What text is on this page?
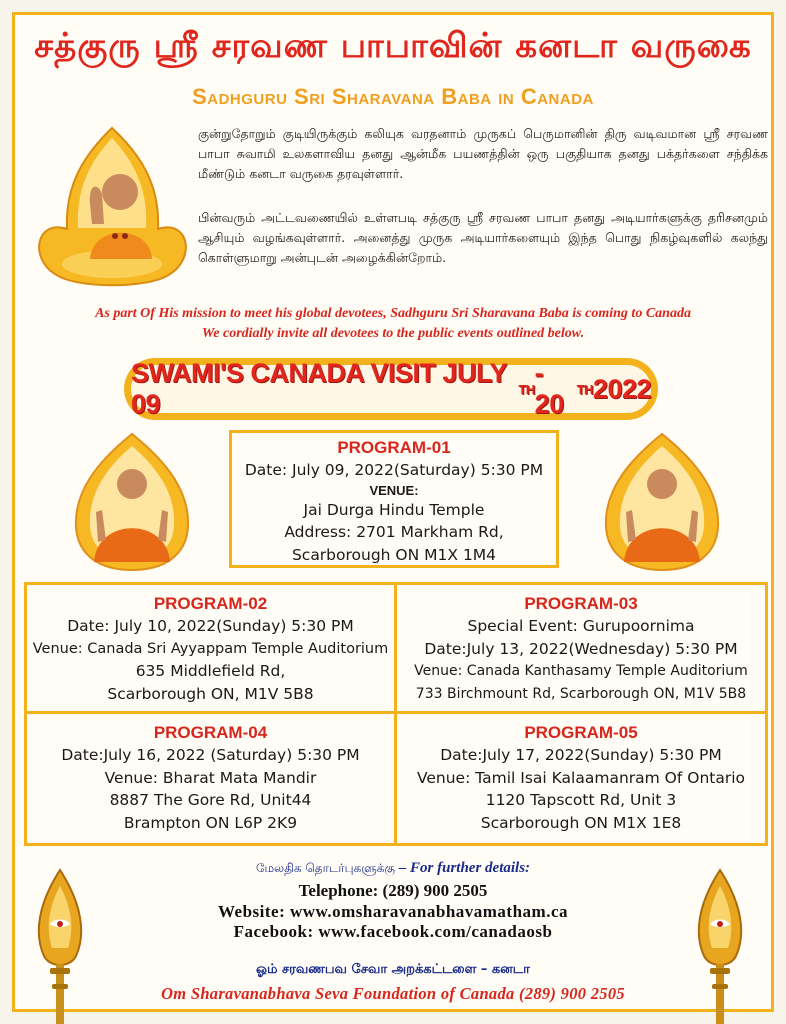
சத்குரு ஸ்ரீ சரவண பாபாவின் கனடா வருகை
Sadhguru Sri Sharavana Baba in Canada
குன்றுதோறும் குடியிருக்கும் கலியுக வரதனாம் முருகப் பெருமானின் திரு வடிவமான ஸ்ரீ சரவண பாபா சுவாமி உலகளாவிய தனது ஆன்மீக பயணத்தின் ஒரு பகுதியாக தனது பக்தர்களை சந்திக்க மீண்டும் கனடா வருகை தரவுள்ளார்.
பின்வரும் அட்டவணையில் உள்ளபடி சத்குரு ஸ்ரீ சரவண பாபா தனது அடியார்களுக்கு தரிசனமும் ஆசியும் வழங்கவுள்ளார். அனைத்து முருக அடியார்களையும் இந்த பொது நிகழ்வுகளில் கலந்து கொள்ளுமாறு அன்புடன் அழைக்கின்றோம்.
As part Of His mission to meet his global devotees, Sadhguru Sri Sharavana Baba is coming to Canada
We cordially invite all devotees to the public events outlined below.
SWAMI'S CANADA VISIT JULY 09	TH
- 20 TH 2022
PROGRAM-01
Date: July 09, 2022(Saturday) 5:30 PM
VENUE:
Jai Durga Hindu Temple
Address: 2701 Markham Rd,
Scarborough ON M1X 1M4
PROGRAM-02
Date: July 10, 2022(Sunday) 5:30 PM
Venue: Canada Sri Ayyappam Temple Auditorium
635 Middlefield Rd,
Scarborough ON, M1V 5B8
PROGRAM-03
Special Event: Gurupoornima
Date:July 13, 2022(Wednesday) 5:30 PM
Venue: Canada Kanthasamy Temple Auditorium
733 Birchmount Rd, Scarborough ON, M1V 5B8
PROGRAM-04
Date:July 16, 2022 (Saturday) 5:30 PM
Venue: Bharat Mata Mandir
8887 The Gore Rd, Unit44
Brampton ON L6P 2K9
PROGRAM-05
Date:July 17, 2022(Sunday) 5:30 PM
Venue: Tamil Isai Kalaamanram Of Ontario
1120 Tapscott Rd, Unit 3
Scarborough ON M1X 1E8
மேலதிக தொடர்புகளுக்கு – For further details:
Telephone: (289) 900 2505
Website: www.omsharavanabhavamatham.ca
Facebook: www.facebook.com/canadaosb
ஓம் சரவணபவ சேவா அறக்கட்டளை – கனடா
Om Sharavanabhava Seva Foundation of Canada (289) 900 2505
